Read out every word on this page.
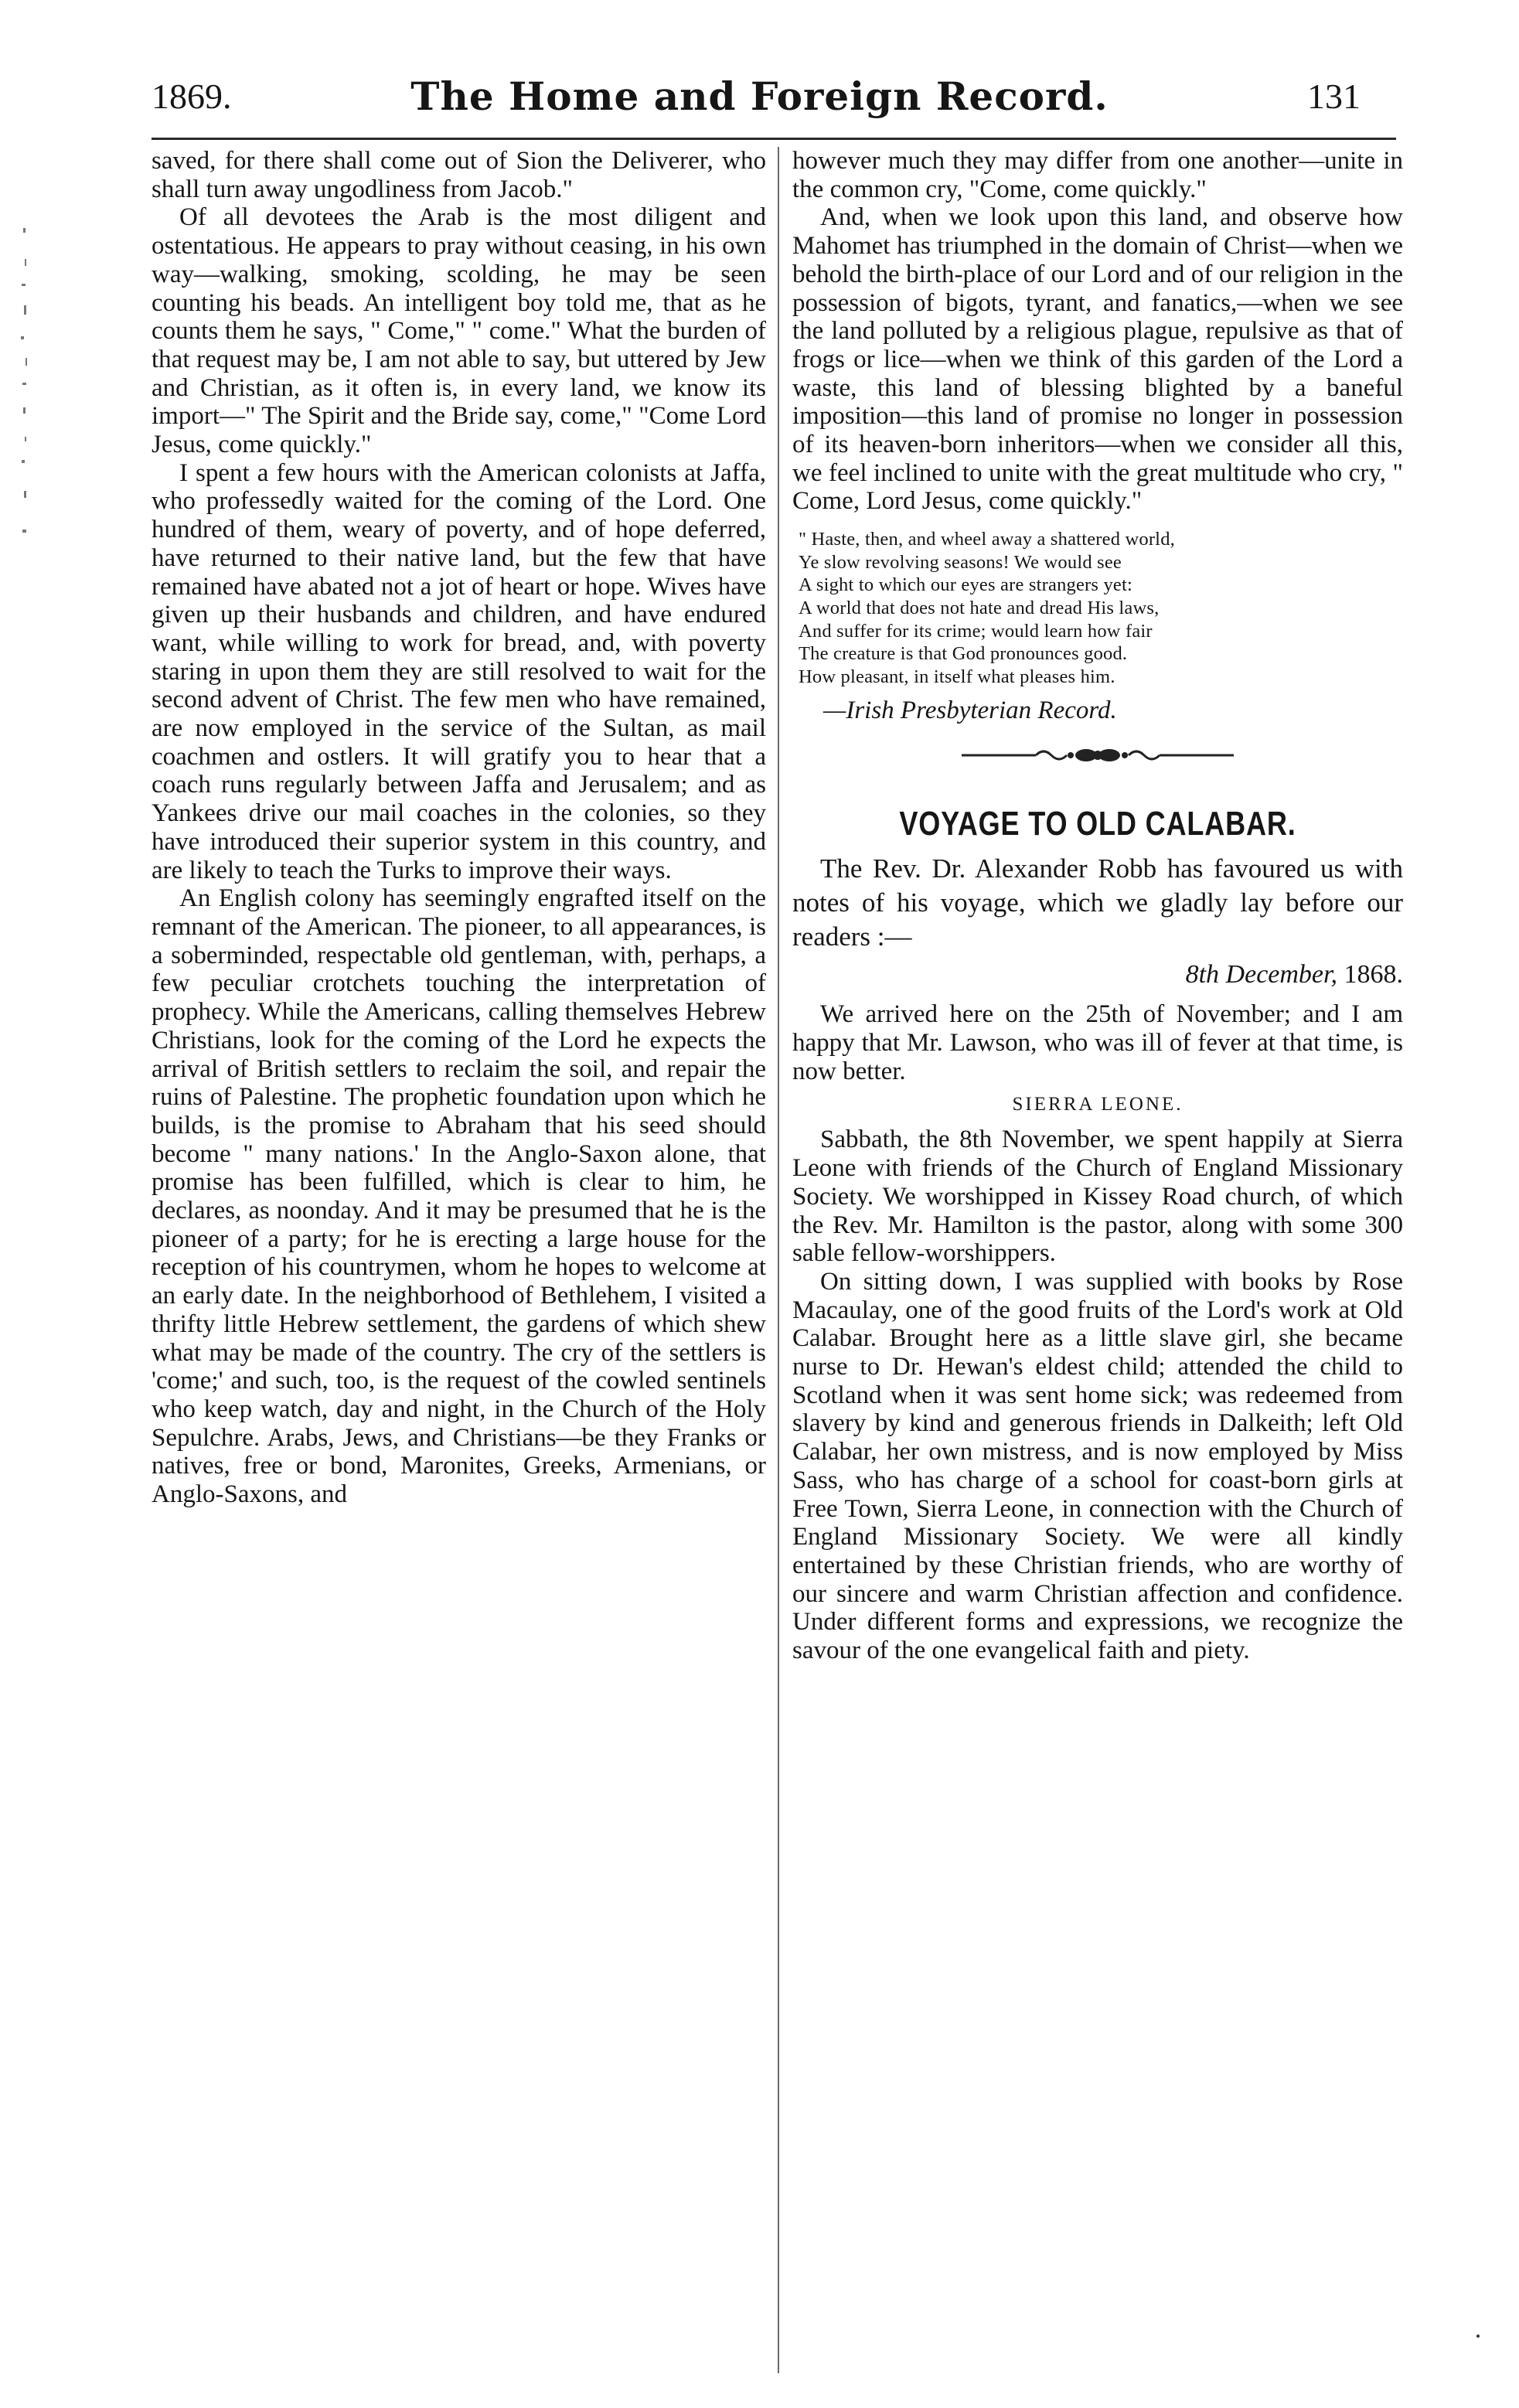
1869.	The Home and Foreign Record.	131

saved, for there shall come out of Sion the Deliverer, who shall turn away ungodliness from Jacob."

Of all devotees the Arab is the most diligent and ostentatious. He appears to pray without ceasing, in his own way—walking, smoking, scolding, he may be seen counting his beads. An intelligent boy told me, that as he counts them he says, " Come," " come." What the burden of that request may be, I am not able to say, but uttered by Jew and Christian, as it often is, in every land, we know its import—" The Spirit and the Bride say, come," "Come Lord Jesus, come quickly."

I spent a few hours with the American colonists at Jaffa, who professedly waited for the coming of the Lord. One hundred of them, weary of poverty, and of hope deferred, have returned to their native land, but the few that have remained have abated not a jot of heart or hope. Wives have given up their husbands and children, and have endured want, while willing to work for bread, and, with poverty staring in upon them they are still resolved to wait for the second advent of Christ. The few men who have remained, are now employed in the service of the Sultan, as mail coachmen and ostlers. It will gratify you to hear that a coach runs regularly between Jaffa and Jerusalem; and as Yankees drive our mail coaches in the colonies, so they have introduced their superior system in this country, and are likely to teach the Turks to improve their ways.

An English colony has seemingly engrafted itself on the remnant of the American. The pioneer, to all appearances, is a soberminded, respectable old gentleman, with, perhaps, a few peculiar crotchets touching the interpretation of prophecy. While the Americans, calling themselves Hebrew Christians, look for the coming of the Lord he expects the arrival of British settlers to reclaim the soil, and repair the ruins of Palestine. The prophetic foundation upon which he builds, is the promise to Abraham that his seed should become " many nations.' In the Anglo-Saxon alone, that promise has been fulfilled, which is clear to him, he declares, as noonday. And it may be presumed that he is the pioneer of a party; for he is erecting a large house for the reception of his countrymen, whom he hopes to welcome at an early date. In the neighborhood of Bethlehem, I visited a thrifty little Hebrew settlement, the gardens of which shew what may be made of the country. The cry of the settlers is 'come;' and such, too, is the request of the cowled sentinels who keep watch, day and night, in the Church of the Holy Sepulchre. Arabs, Jews, and Christians—be they Franks or natives, free or bond, Maronites, Greeks, Armenians, or Anglo-Saxons, and

however much they may differ from one another—unite in the common cry, "Come, come quickly."

And, when we look upon this land, and observe how Mahomet has triumphed in the domain of Christ—when we behold the birth-place of our Lord and of our religion in the possession of bigots, tyrant, and fanatics,—when we see the land polluted by a religious plague, repulsive as that of frogs or lice—when we think of this garden of the Lord a waste, this land of blessing blighted by a baneful imposition—this land of promise no longer in possession of its heaven-born inheritors—when we consider all this, we feel inclined to unite with the great multitude who cry, " Come, Lord Jesus, come quickly."

" Haste, then, and wheel away a shattered world,
Ye slow revolving seasons! We would see
A sight to which our eyes are strangers yet:
A world that does not hate and dread His laws,
And suffer for its crime; would learn how fair
The creature is that God pronounces good.
How pleasant, in itself what pleases him.
—Irish Presbyterian Record.
VOYAGE TO OLD CALABAR.

The Rev. Dr. Alexander Robb has favoured us with notes of his voyage, which we gladly lay before our readers :—

8th December, 1868.

We arrived here on the 25th of November; and I am happy that Mr. Lawson, who was ill of fever at that time, is now better.

SIERRA LEONE.

Sabbath, the 8th November, we spent happily at Sierra Leone with friends of the Church of England Missionary Society. We worshipped in Kissey Road church, of which the Rev. Mr. Hamilton is the pastor, along with some 300 sable fellow-worshippers.

On sitting down, I was supplied with books by Rose Macaulay, one of the good fruits of the Lord's work at Old Calabar. Brought here as a little slave girl, she became nurse to Dr. Hewan's eldest child; attended the child to Scotland when it was sent home sick; was redeemed from slavery by kind and generous friends in Dalkeith; left Old Calabar, her own mistress, and is now employed by Miss Sass, who has charge of a school for coast-born girls at Free Town, Sierra Leone, in connection with the Church of England Missionary Society. We were all kindly entertained by these Christian friends, who are worthy of our sincere and warm Christian affection and confidence. Under different forms and expressions, we recognize the savour of the one evangelical faith and piety.
